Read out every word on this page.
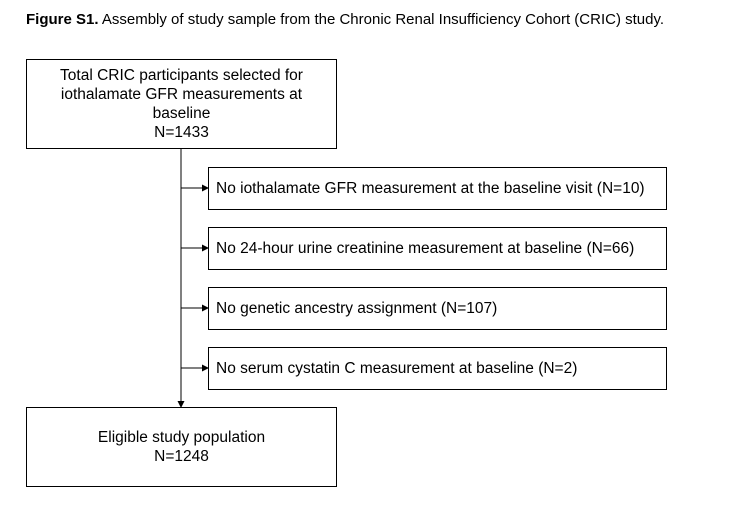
Figure S1. Assembly of study sample from the Chronic Renal Insufficiency Cohort (CRIC) study.
Total CRIC participants selected for
iothalamate GFR measurements at
baseline
N=1433
No iothalamate GFR measurement at the baseline visit (N=10)
No 24-hour urine creatinine measurement at baseline (N=66)
No genetic ancestry assignment (N=107)
No serum cystatin C measurement at baseline (N=2)
Eligible study population
N=1248
